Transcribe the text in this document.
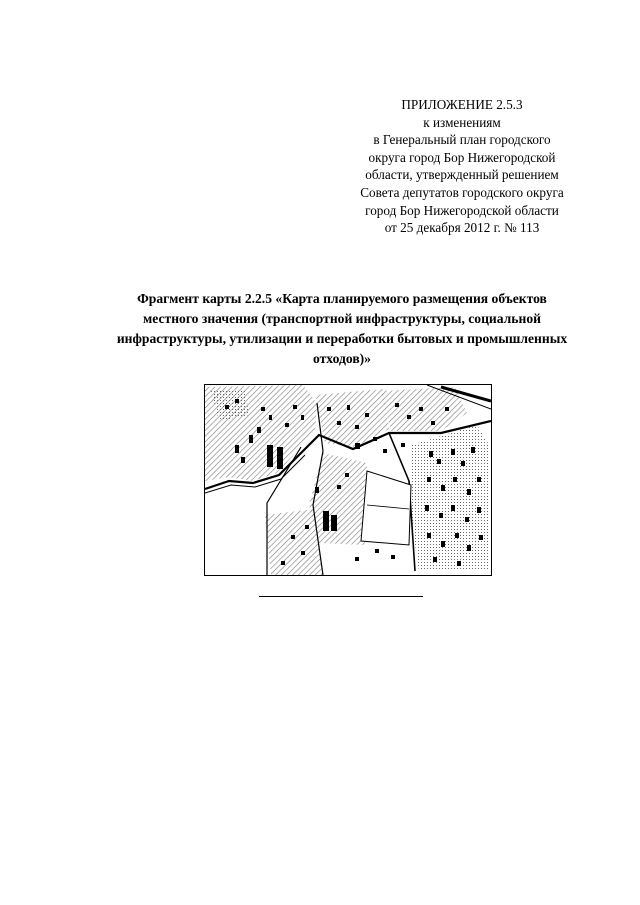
ПРИЛОЖЕНИЕ 2.5.3
к изменениям
в Генеральный план городского
округа город Бор Нижегородской
области, утвержденный решением
Совета депутатов городского округа
город Бор Нижегородской области
от 25 декабря 2012 г. № 113
Фрагмент карты 2.2.5 «Карта планируемого размещения объектов
местного значения (транспортной инфраструктуры, социальной
инфраструктуры, утилизации и переработки бытовых и промышленных
отходов)»
